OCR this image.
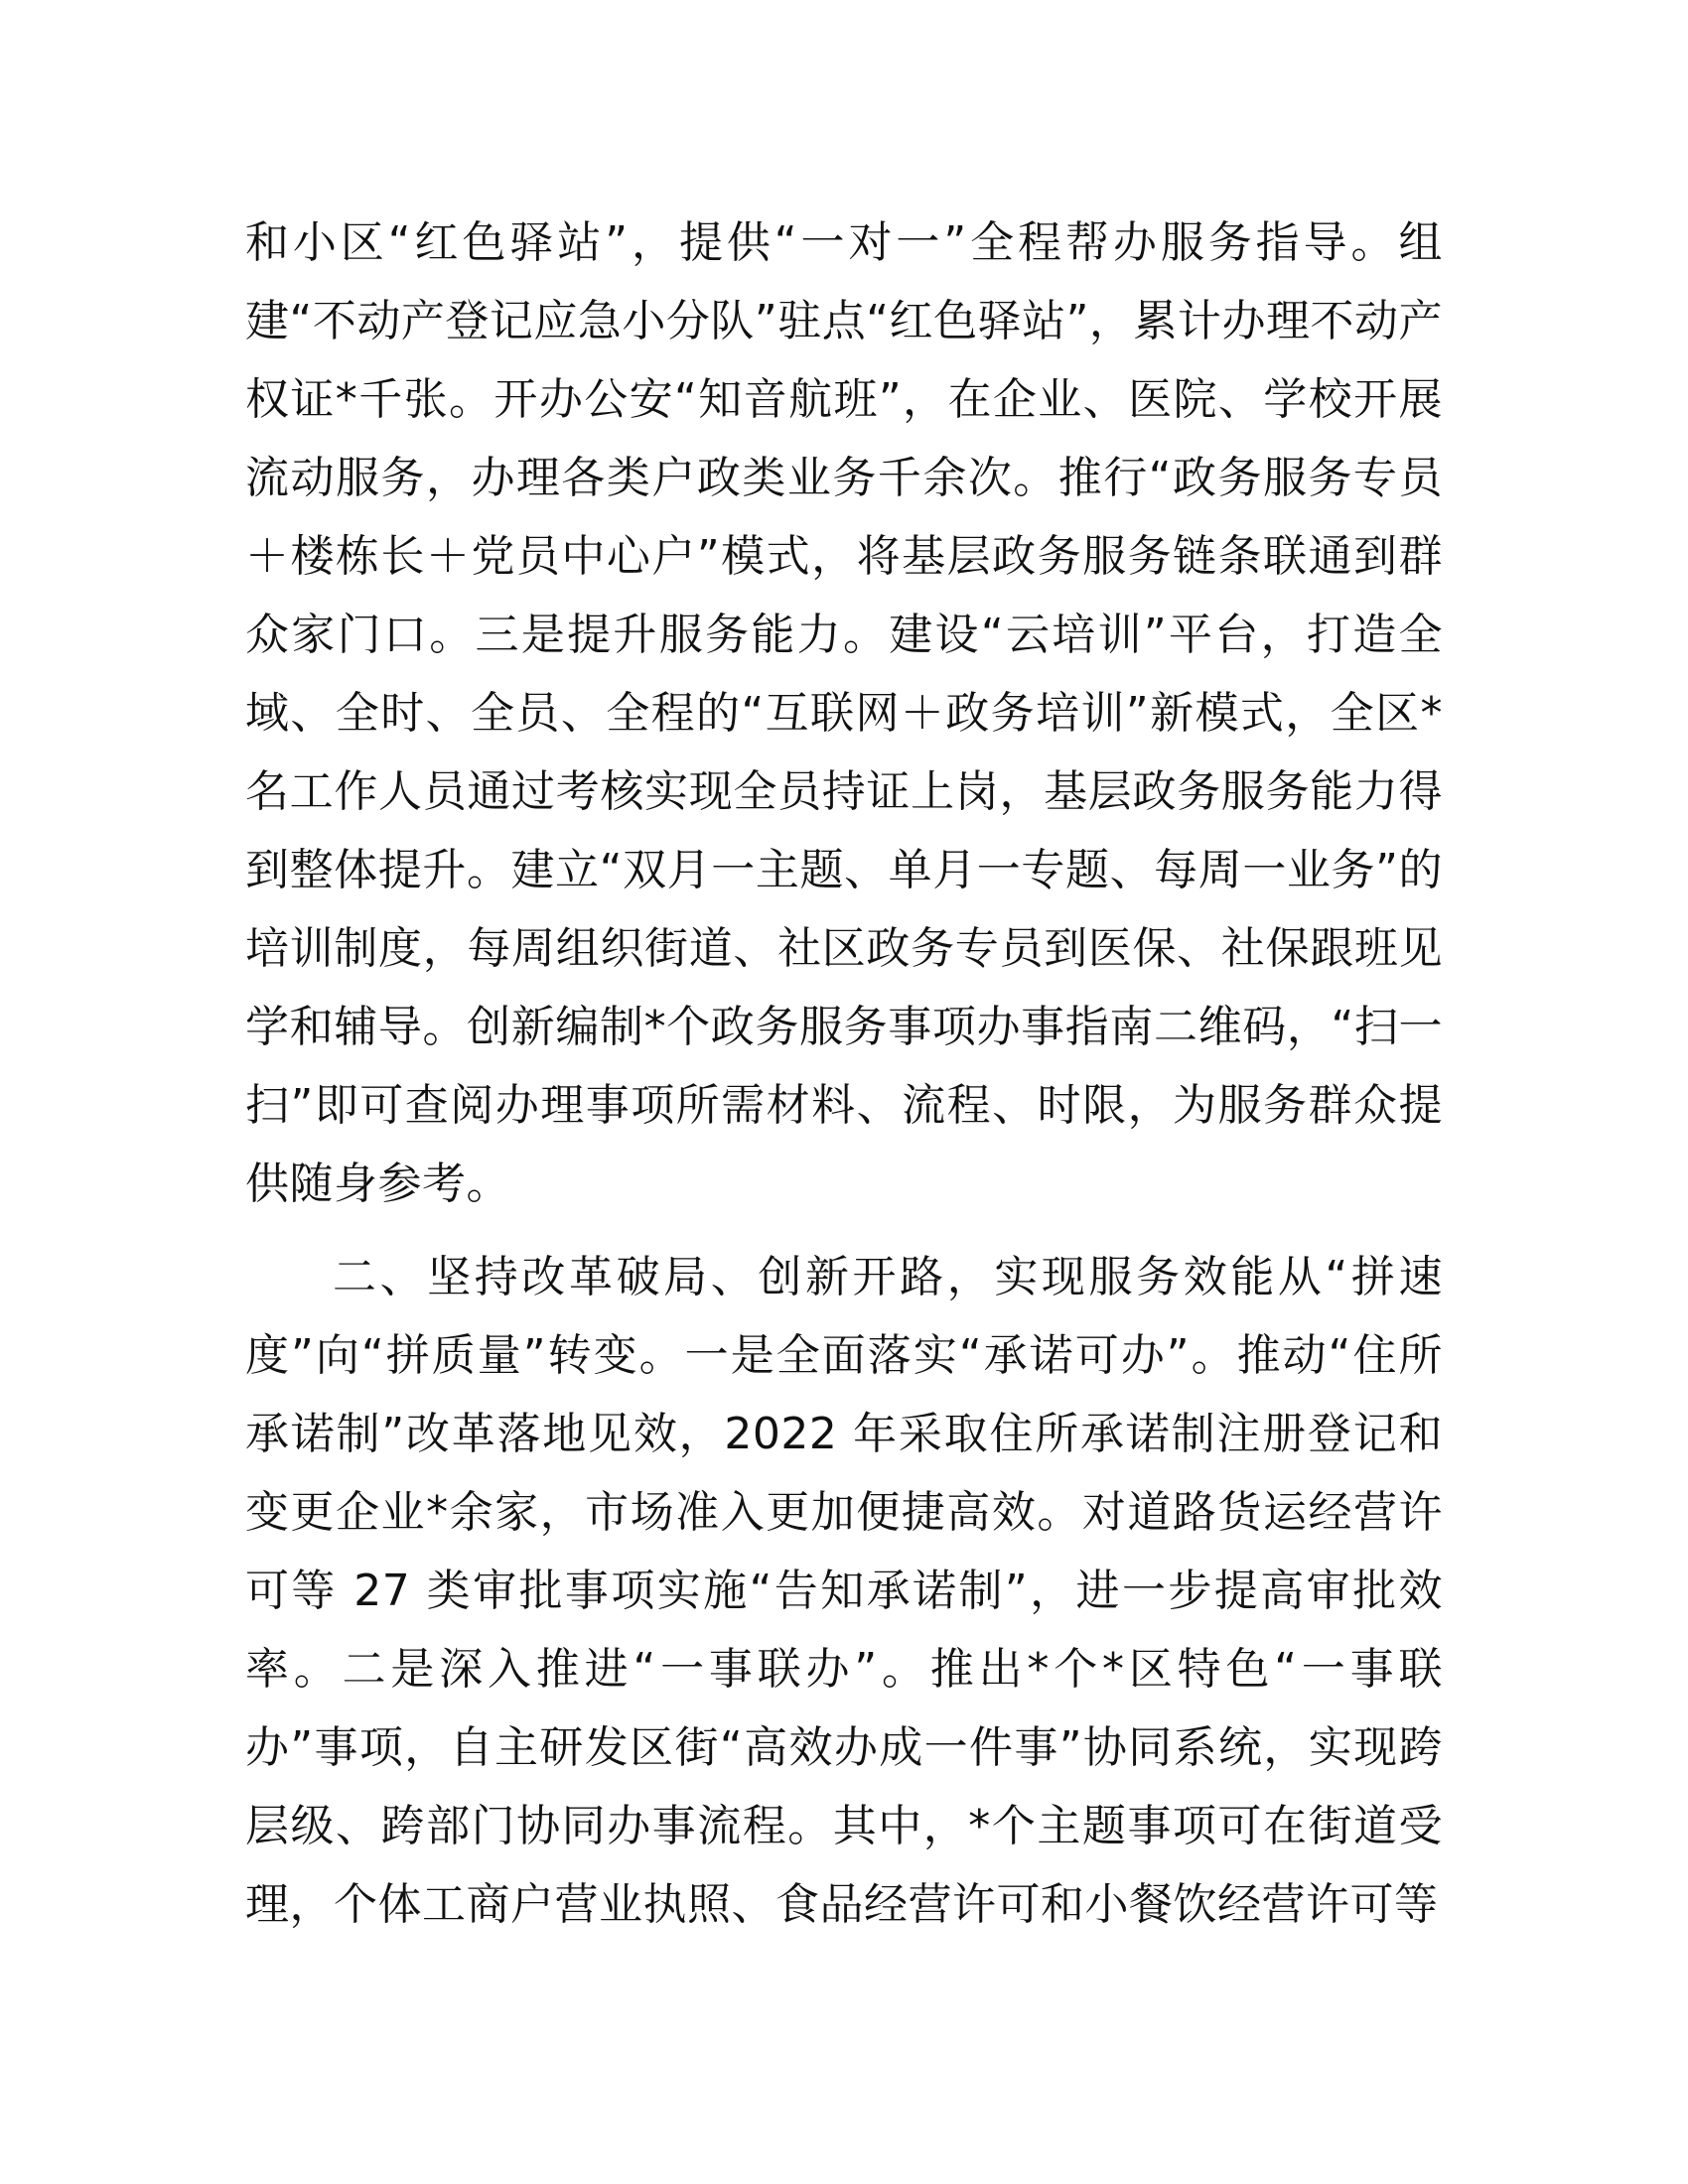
和小区“红色驿站”，提供“一对一”全程帮办服务指导。组建“不动产登记应急小分队”驻点“红色驿站”，累计办理不动产权证*千张。开办公安“知音航班”，在企业、医院、学校开展流动服务，办理各类户政类业务千余次。推行“政务服务专员＋楼栋长＋党员中心户”模式，将基层政务服务链条联通到群众家门口。三是提升服务能力。建设“云培训”平台，打造全域、全时、全员、全程的“互联网＋政务培训”新模式，全区*名工作人员通过考核实现全员持证上岗，基层政务服务能力得到整体提升。建立“双月一主题、单月一专题、每周一业务”的培训制度，每周组织街道、社区政务专员到医保、社保跟班见学和辅导。创新编制*个政务服务事项办事指南二维码，“扫一扫”即可查阅办理事项所需材料、流程、时限，为服务群众提供随身参考。

二、坚持改革破局、创新开路，实现服务效能从“拼速度”向“拼质量”转变。一是全面落实“承诺可办”。推动“住所承诺制”改革落地见效，2022 年采取住所承诺制注册登记和变更企业*余家，市场准入更加便捷高效。对道路货运经营许可等 27 类审批事项实施“告知承诺制”，进一步提高审批效率。二是深入推进“一事联办”。推出*个*区特色“一事联办”事项，自主研发区街“高效办成一件事”协同系统，实现跨层级、跨部门协同办事流程。其中，*个主题事项可在街道受理，个体工商户营业执照、食品经营许可和小餐饮经营许可等
